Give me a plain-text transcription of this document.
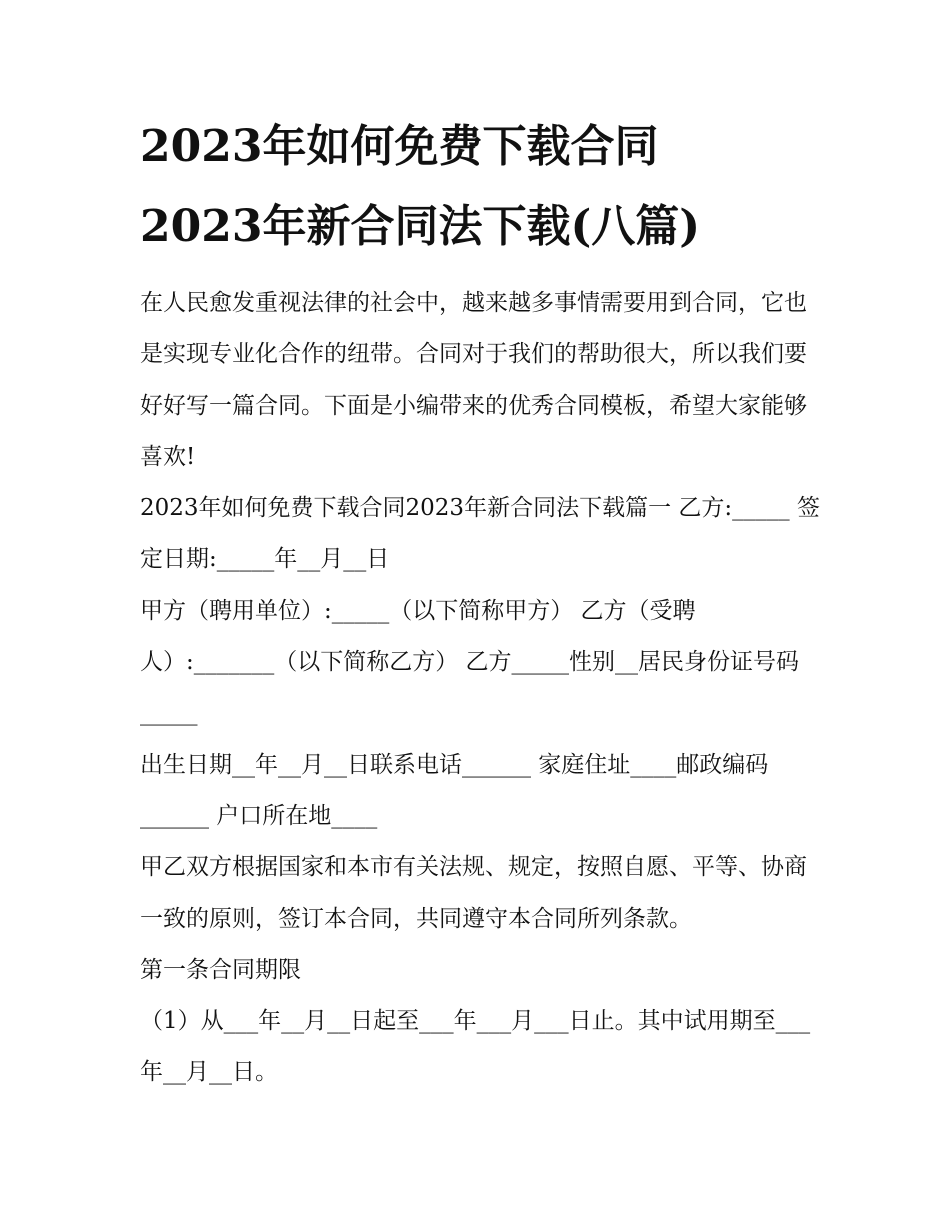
2023年如何免费下载合同
2023年新合同法下载(八篇)

在人民愈发重视法律的社会中，越来越多事情需要用到合同，它也是实现专业化合作的纽带。合同对于我们的帮助很大，所以我们要好好写一篇合同。下面是小编带来的优秀合同模板，希望大家能够喜欢!

2023年如何免费下载合同2023年新合同法下载篇一 乙方:_____ 签定日期:_____年__月__日

甲方（聘用单位）:_____（以下简称甲方） 乙方（受聘人）:_______（以下简称乙方） 乙方_____性别__居民身份证号码_____

出生日期__年__月__日联系电话______ 家庭住址____邮政编码______ 户口所在地____

甲乙双方根据国家和本市有关法规、规定，按照自愿、平等、协商一致的原则，签订本合同，共同遵守本合同所列条款。

第一条合同期限

（1）从___年__月__日起至___年___月___日止。其中试用期至___年__月__日。
